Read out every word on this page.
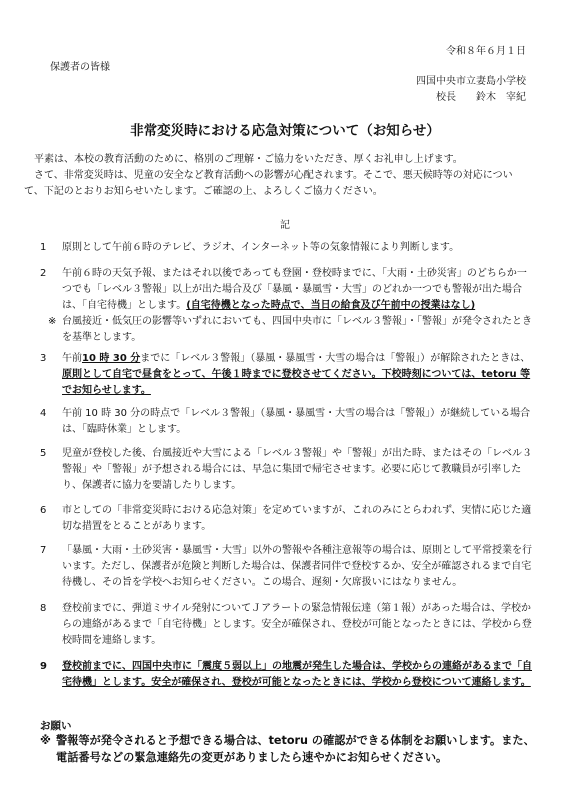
令和８年６月１日
保護者の皆様
四国中央市立妻島小学校
校長　　鈴木　宰紀
非常変災時における応急対策について（お知らせ）
　平素は、本校の教育活動のために、格別のご理解・ご協力をいただき、厚くお礼申し上げます。
　さて、非常変災時は、児童の安全など教育活動への影響が心配されます。そこで、悪天候時等の対応について、下記のとおりお知らせいたします。ご確認の上、よろしくご協力ください。
記
1 原則として午前６時のテレビ、ラジオ、インターネット等の気象情報により判断します。
2 午前６時の天気予報、またはそれ以後であっても登園・登校時までに、「大雨・土砂災害」のどちらか一つでも「レベル３警報」以上が出た場合及び「暴風・暴風雪・大雪」のどれか一つでも警報が出た場合は、「自宅待機」とします。(自宅待機となった時点で、当日の給食及び午前中の授業はなし)
※ 台風接近・低気圧の影響等いずれにおいても、四国中央市に「レベル３警報」・「警報」が発令されたときを基準とします。
3 午前10 時 30 分までに「レベル３警報」（暴風・暴風雪・大雪の場合は「警報」）が解除されたときは、原則として自宅で昼食をとって、午後１時までに登校させてください。下校時刻については、tetoru 等でお知らせします。
4 午前 10 時 30 分の時点で「レベル３警報」（暴風・暴風雪・大雪の場合は「警報」）が継続している場合は、「臨時休業」とします。
5 児童が登校した後、台風接近や大雪による「レベル３警報」や「警報」が出た時、またはその「レベル３警報」や「警報」が予想される場合には、早急に集団で帰宅させます。必要に応じて教職員が引率したり、保護者に協力を要請したりします。
6 市としての「非常変災時における応急対策」を定めていますが、これのみにとらわれず、実情に応じた適切な措置をとることがあります。
7 「暴風・大雨・土砂災害・暴風雪・大雪」以外の警報や各種注意報等の場合は、原則として平常授業を行います。ただし、保護者が危険と判断した場合は、保護者同伴で登校するか、安全が確認されるまで自宅待機し、その旨を学校へお知らせください。この場合、遅刻・欠席扱いにはなりません。
8 登校前までに、弾道ミサイル発射についてＪアラートの緊急情報伝達（第１報）があった場合は、学校からの連絡があるまで「自宅待機」とします。安全が確保され、登校が可能となったときには、学校から登校時間を連絡します。
9 登校前までに、四国中央市に「震度５弱以上」の地震が発生した場合は、学校からの連絡があるまで「自宅待機」とします。安全が確保され、登校が可能となったときには、学校から登校について連絡します。
お願い
※ 警報等が発令されると予想できる場合は、tetoru の確認ができる体制をお願いします。また、電話番号などの緊急連絡先の変更がありましたら速やかにお知らせください。
